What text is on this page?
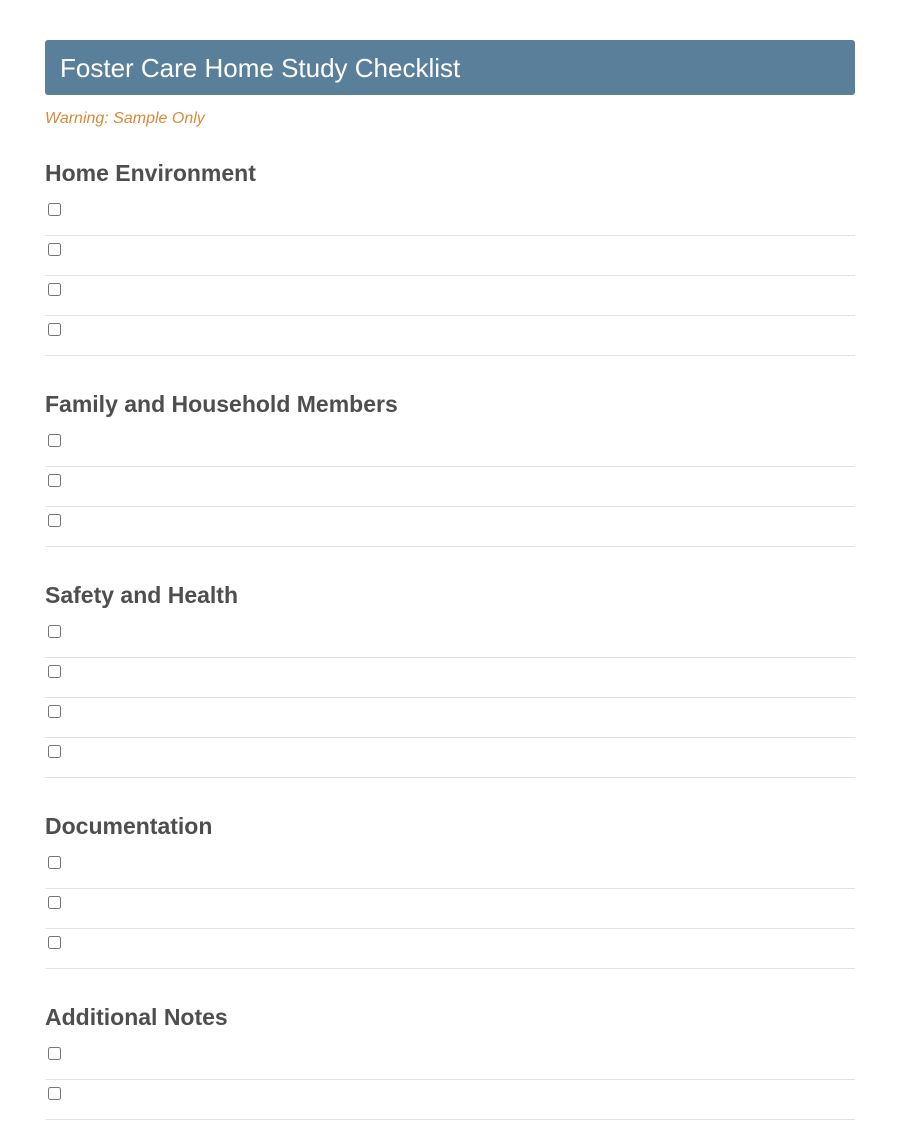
Foster Care Home Study Checklist
Warning: Sample Only
Home Environment
Family and Household Members
Safety and Health
Documentation
Additional Notes
